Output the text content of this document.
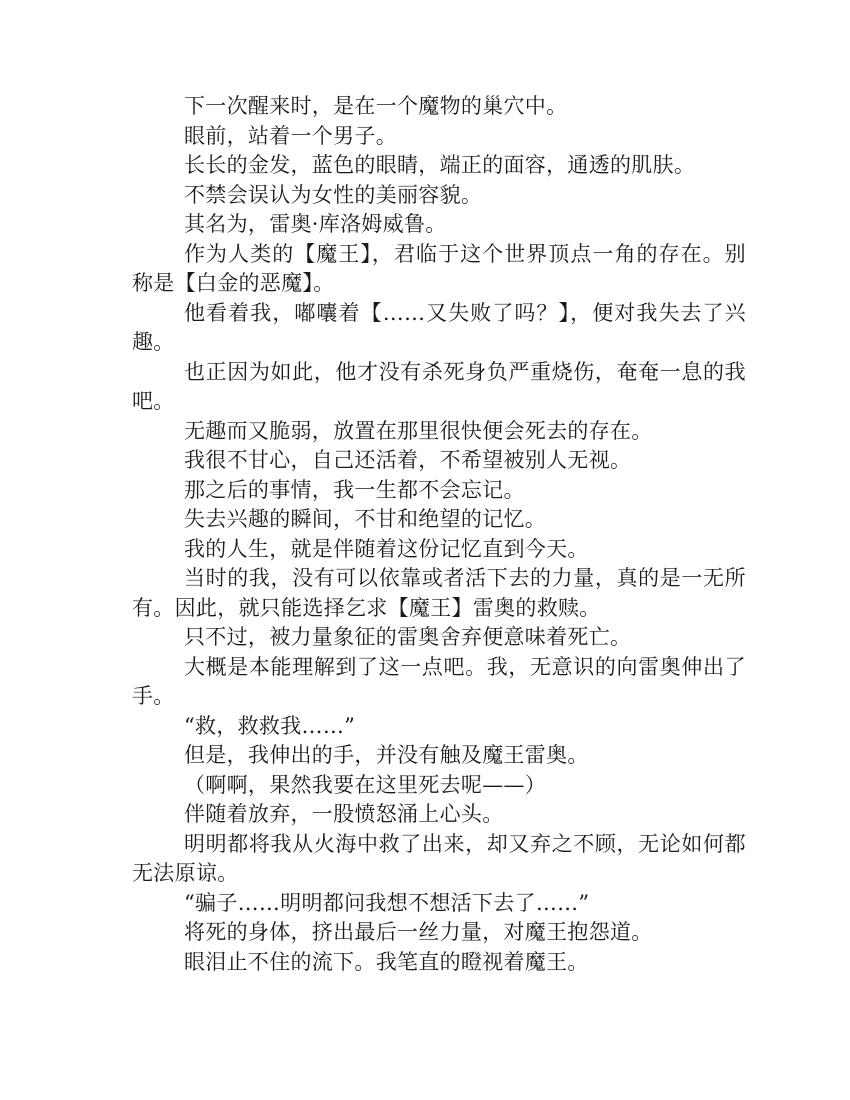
下一次醒来时，是在一个魔物的巢穴中。

眼前，站着一个男子。

长长的金发，蓝色的眼睛，端正的面容，通透的肌肤。

不禁会误认为女性的美丽容貌。

其名为，雷奥·库洛姆威鲁。

作为人类的【魔王】，君临于这个世界顶点一角的存在。别称是【白金的恶魔】。

他看着我，嘟囔着【……又失败了吗？】，便对我失去了兴趣。

也正因为如此，他才没有杀死身负严重烧伤，奄奄一息的我吧。

无趣而又脆弱，放置在那里很快便会死去的存在。

我很不甘心，自己还活着，不希望被别人无视。

那之后的事情，我一生都不会忘记。

失去兴趣的瞬间，不甘和绝望的记忆。

我的人生，就是伴随着这份记忆直到今天。

当时的我，没有可以依靠或者活下去的力量，真的是一无所有。因此，就只能选择乞求【魔王】雷奥的救赎。

只不过，被力量象征的雷奥舍弃便意味着死亡。

大概是本能理解到了这一点吧。我，无意识的向雷奥伸出了手。

“救，救救我……”

但是，我伸出的手，并没有触及魔王雷奥。

（啊啊，果然我要在这里死去呢——）

伴随着放弃，一股愤怒涌上心头。

明明都将我从火海中救了出来，却又弃之不顾，无论如何都无法原谅。

“骗子……明明都问我想不想活下去了……”

将死的身体，挤出最后一丝力量，对魔王抱怨道。

眼泪止不住的流下。我笔直的瞪视着魔王。
